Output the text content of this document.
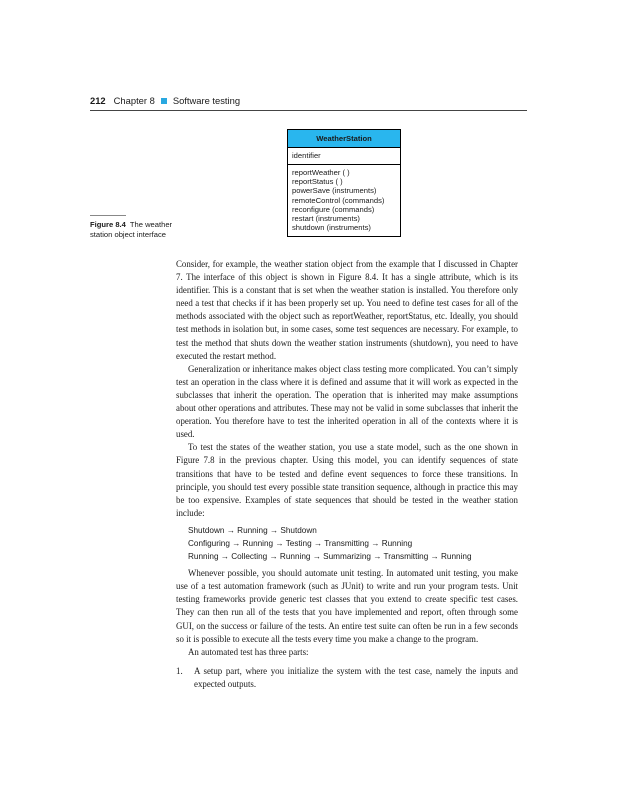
212 Chapter 8 Software testing
WeatherStation
identifier
reportWeather ( )
reportStatus ( )
powerSave (instruments)
remoteControl (commands)
reconfigure (commands)
restart (instruments)
shutdown (instruments)
Figure 8.4 The weather station object interface

Consider, for example, the weather station object from the example that I discussed in Chapter 7. The interface of this object is shown in Figure 8.4. It has a single attribute, which is its identifier. This is a constant that is set when the weather station is installed. You therefore only need a test that checks if it has been properly set up. You need to define test cases for all of the methods associated with the object such as reportWeather, reportStatus, etc. Ideally, you should test methods in isolation but, in some cases, some test sequences are necessary. For example, to test the method that shuts down the weather station instruments (shutdown), you need to have executed the restart method.

Generalization or inheritance makes object class testing more complicated. You can’t simply test an operation in the class where it is defined and assume that it will work as expected in the subclasses that inherit the operation. The operation that is inherited may make assumptions about other operations and attributes. These may not be valid in some subclasses that inherit the operation. You therefore have to test the inherited operation in all of the contexts where it is used.

To test the states of the weather station, you use a state model, such as the one shown in Figure 7.8 in the previous chapter. Using this model, you can identify sequences of state transitions that have to be tested and define event sequences to force these transitions. In principle, you should test every possible state transition sequence, although in practice this may be too expensive. Examples of state sequences that should be tested in the weather station include:

Shutdown → Running → Shutdown
Configuring → Running → Testing → Transmitting → Running
Running → Collecting → Running → Summarizing → Transmitting → Running

Whenever possible, you should automate unit testing. In automated unit testing, you make use of a test automation framework (such as JUnit) to write and run your program tests. Unit testing frameworks provide generic test classes that you extend to create specific test cases. They can then run all of the tests that you have implemented and report, often through some GUI, on the success or failure of the tests. An entire test suite can often be run in a few seconds so it is possible to execute all the tests every time you make a change to the program.

An automated test has three parts:

1.	A setup part, where you initialize the system with the test case, namely the inputs and expected outputs.
